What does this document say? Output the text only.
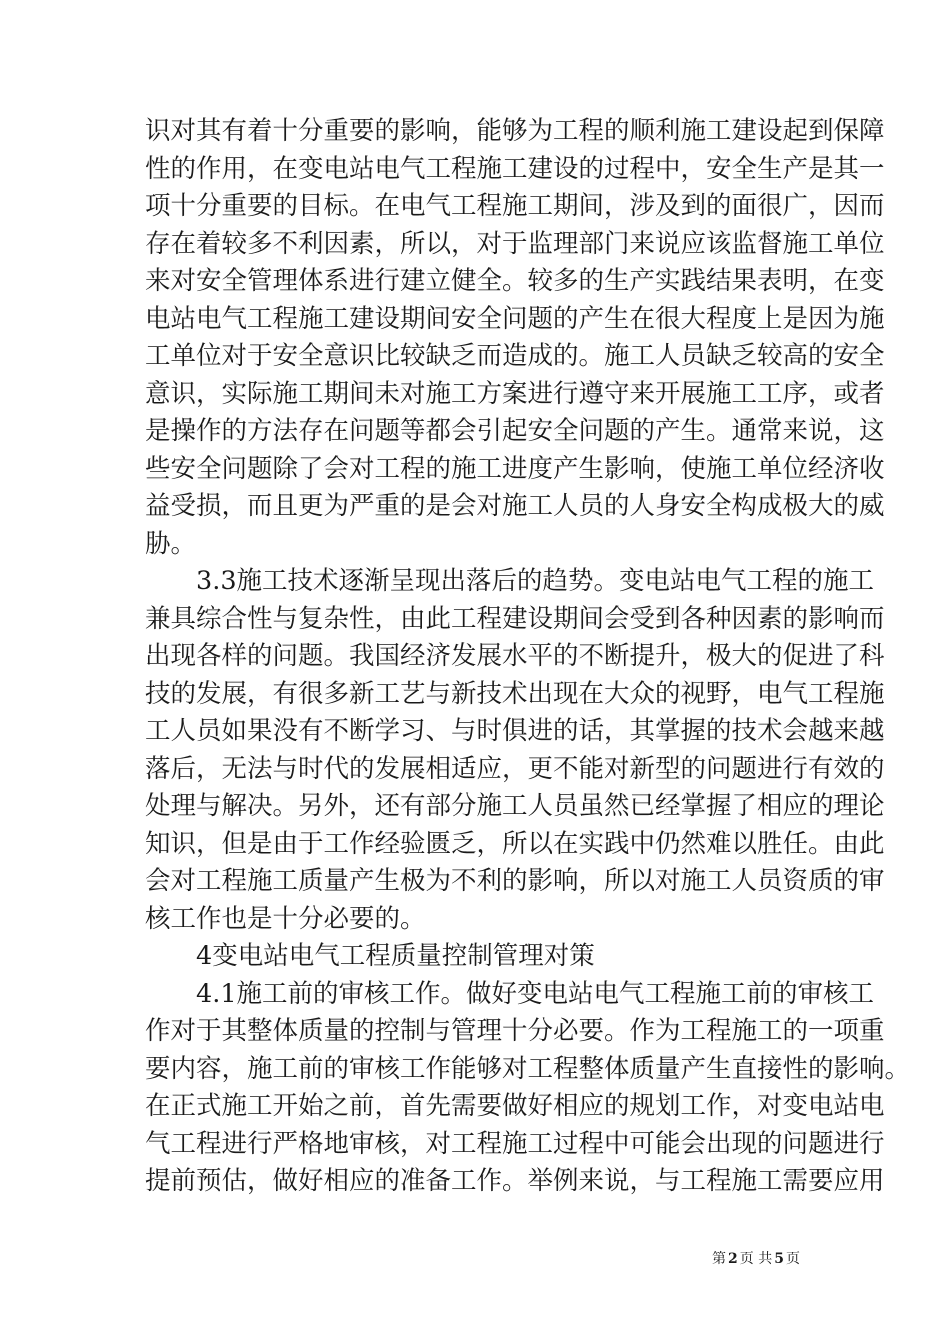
识对其有着十分重要的影响，能够为工程的顺利施工建设起到保障
性的作用，在变电站电气工程施工建设的过程中，安全生产是其一
项十分重要的目标。在电气工程施工期间，涉及到的面很广，因而
存在着较多不利因素，所以，对于监理部门来说应该监督施工单位
来对安全管理体系进行建立健全。较多的生产实践结果表明，在变
电站电气工程施工建设期间安全问题的产生在很大程度上是因为施
工单位对于安全意识比较缺乏而造成的。施工人员缺乏较高的安全
意识，实际施工期间未对施工方案进行遵守来开展施工工序，或者
是操作的方法存在问题等都会引起安全问题的产生。通常来说，这
些安全问题除了会对工程的施工进度产生影响，使施工单位经济收
益受损，而且更为严重的是会对施工人员的人身安全构成极大的威
胁。
　　3.3施工技术逐渐呈现出落后的趋势。变电站电气工程的施工
兼具综合性与复杂性，由此工程建设期间会受到各种因素的影响而
出现各样的问题。我国经济发展水平的不断提升，极大的促进了科
技的发展，有很多新工艺与新技术出现在大众的视野，电气工程施
工人员如果没有不断学习、与时俱进的话，其掌握的技术会越来越
落后，无法与时代的发展相适应，更不能对新型的问题进行有效的
处理与解决。另外，还有部分施工人员虽然已经掌握了相应的理论
知识，但是由于工作经验匮乏，所以在实践中仍然难以胜任。由此
会对工程施工质量产生极为不利的影响，所以对施工人员资质的审
核工作也是十分必要的。
　　4变电站电气工程质量控制管理对策
　　4.1施工前的审核工作。做好变电站电气工程施工前的审核工
作对于其整体质量的控制与管理十分必要。作为工程施工的一项重
要内容，施工前的审核工作能够对工程整体质量产生直接性的影响。
在正式施工开始之前，首先需要做好相应的规划工作，对变电站电
气工程进行严格地审核，对工程施工过程中可能会出现的问题进行
提前预估，做好相应的准备工作。举例来说，与工程施工需要应用
第 2 页 共 5 页
